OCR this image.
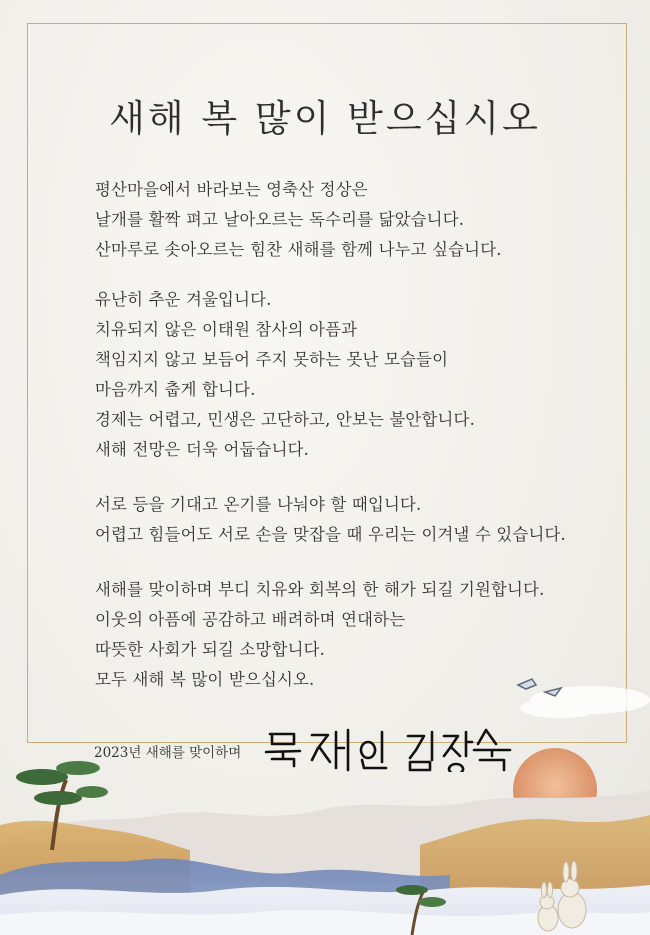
새해 복 많이 받으십시오
평산마을에서 바라보는 영축산 정상은
날개를 활짝 펴고 날아오르는 독수리를 닮았습니다.
산마루로 솟아오르는 힘찬 새해를 함께 나누고 싶습니다.
유난히 추운 겨울입니다.
치유되지 않은 이태원 참사의 아픔과
책임지지 않고 보듬어 주지 못하는 못난 모습들이
마음까지 춥게 합니다.
경제는 어렵고, 민생은 고단하고, 안보는 불안합니다.
새해 전망은 더욱 어둡습니다.
서로 등을 기대고 온기를 나눠야 할 때입니다.
어렵고 힘들어도 서로 손을 맞잡을 때 우리는 이겨낼 수 있습니다.
새해를 맞이하며 부디 치유와 회복의 한 해가 되길 기원합니다.
이웃의 아픔에 공감하고 배려하며 연대하는
따뜻한 사회가 되길 소망합니다.
모두 새해 복 많이 받으십시오.
2023년 새해를 맞이하며
